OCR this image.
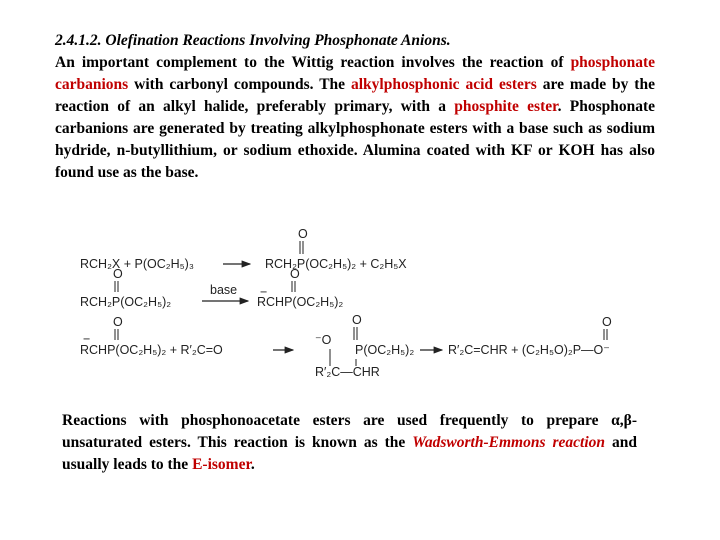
2.4.1.2. Olefination Reactions Involving Phosphonate Anions.
An important complement to the Wittig reaction involves the reaction of phosphonate carbanions with carbonyl compounds. The alkylphosphonic acid esters are made by the reaction of an alkyl halide, preferably primary, with a phosphite ester. Phosphonate carbanions are generated by treating alkylphosphonate esters with a base such as sodium hydride, n-butyllithium, or sodium ethoxide. Alumina coated with KF or KOH has also found use as the base.
RCH₂X + P(OC₂H₅)₃
O
RCH₂P(OC₂H₅)₂ + C₂H₅X
O
RCH₂P(OC₂H₅)₂
base
O
RCHP(OC₂H₅)₂
−
O
−
RCHP(OC₂H₅)₂ + R′₂C=O
O
⁻O
P(OC₂H₅)₂
R′₂C—CHR
O
R′₂C=CHR + (C₂H₅O)₂P—O⁻
Reactions with phosphonoacetate esters are used frequently to prepare α,β-unsaturated esters. This reaction is known as the Wadsworth-Emmons reaction and usually leads to the E-isomer.
